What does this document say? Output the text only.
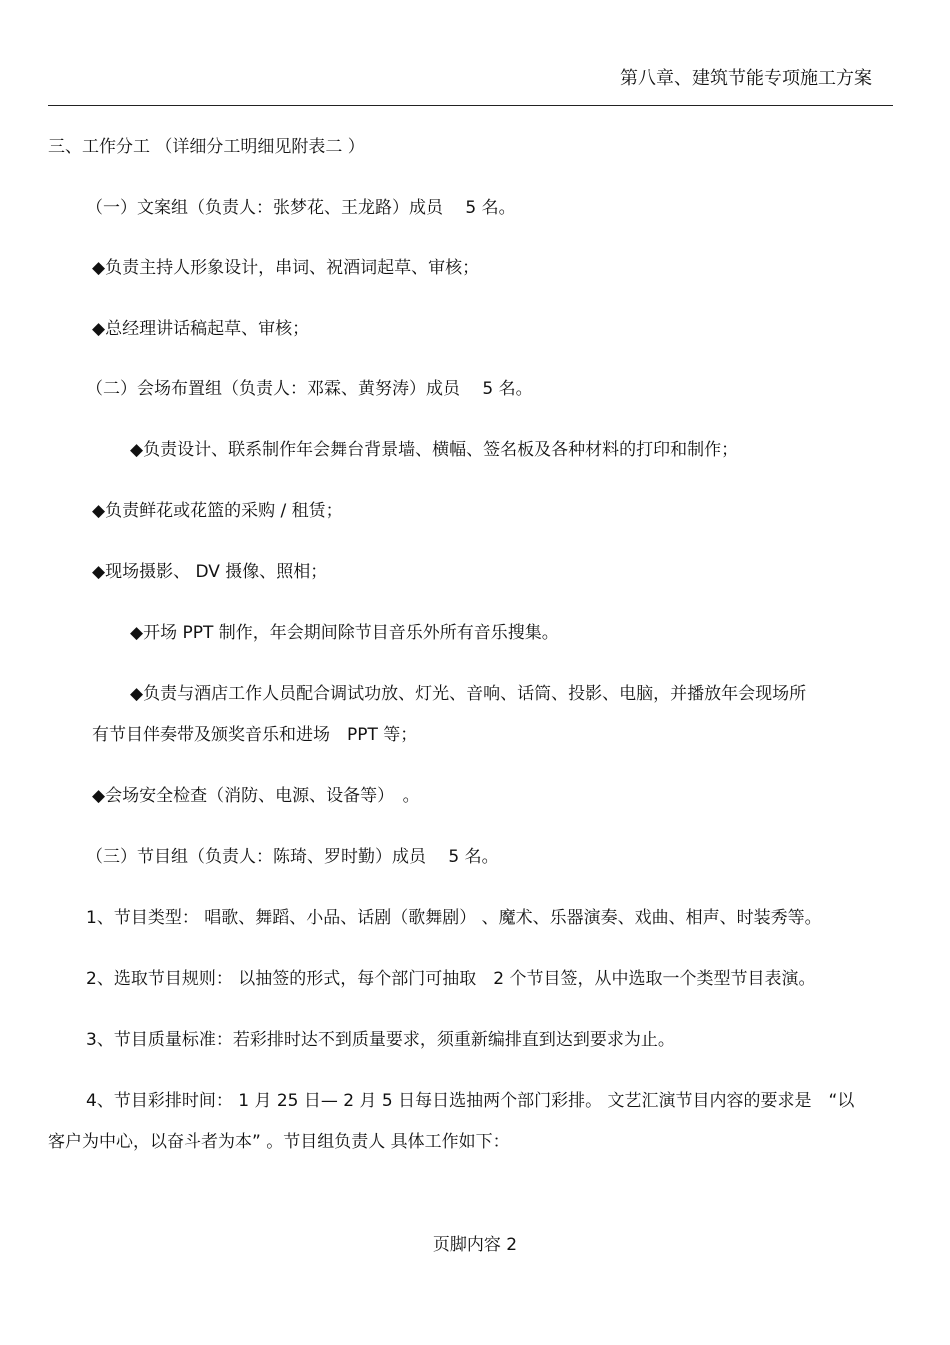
第八章、建筑节能专项施工方案
三、工作分工 （详细分工明细见附表二 ）
（一）文案组（负责人：张梦花、王龙路）成员　 5 名。
◆负责主持人形象设计，串词、祝酒词起草、审核；
◆总经理讲话稿起草、审核；
（二）会场布置组（负责人：邓霖、黄努涛）成员　 5 名。
◆负责设计、联系制作年会舞台背景墙、横幅、签名板及各种材料的打印和制作；
◆负责鲜花或花篮的采购 / 租赁；
◆现场摄影、 DV 摄像、照相；
◆开场 PPT 制作，年会期间除节目音乐外所有音乐搜集。
◆负责与酒店工作人员配合调试功放、灯光、音响、话筒、投影、电脑，并播放年会现场所
有节目伴奏带及颁奖音乐和进场　PPT 等；
◆会场安全检查（消防、电源、设备等）　。
（三）节目组（负责人：陈琦、罗时勤）成员　 5 名。
1、节目类型： 唱歌、舞蹈、小品、话剧（歌舞剧） 、魔术、乐器演奏、戏曲、相声、时装秀等。
2、选取节目规则： 以抽签的形式，每个部门可抽取　2 个节目签，从中选取一个类型节目表演。
3、节目质量标准：若彩排时达不到质量要求，须重新编排直到达到要求为止。
4、节目彩排时间： 1 月 25 日— 2 月 5 日每日选抽两个部门彩排。 文艺汇演节目内容的要求是　“以
客户为中心，以奋斗者为本” 。节目组负责人 具体工作如下：
页脚内容 2
